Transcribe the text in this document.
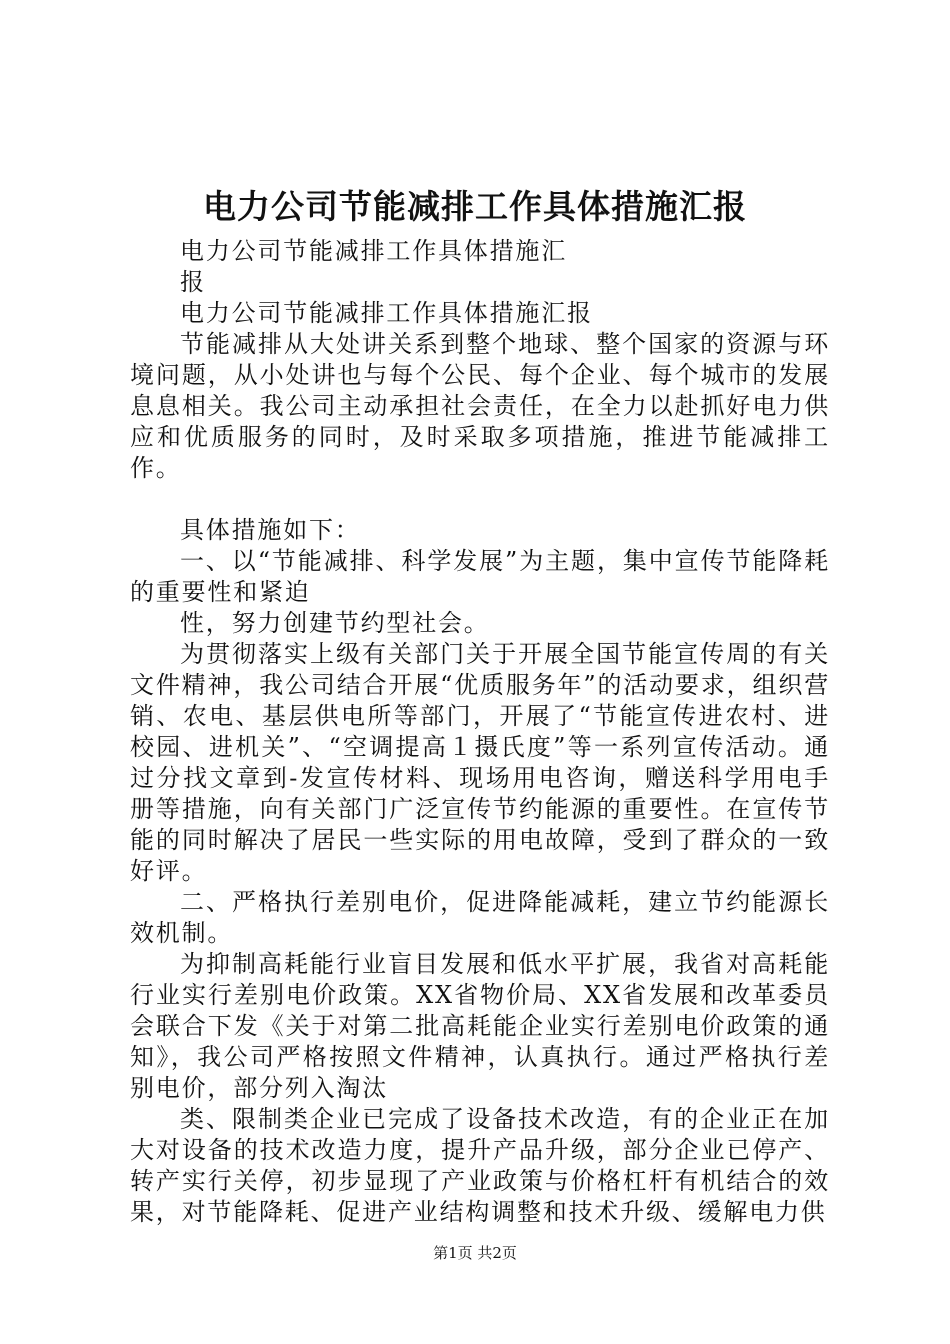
电力公司节能减排工作具体措施汇报

电力公司节能减排工作具体措施汇

报

电力公司节能减排工作具体措施汇报

节能减排从大处讲关系到整个地球、整个国家的资源与环境问题，从小处讲也与每个公民、每个企业、每个城市的发展息息相关。我公司主动承担社会责任，在全力以赴抓好电力供应和优质服务的同时，及时采取多项措施，推进节能减排工作。

具体措施如下：

一、以“节能减排、科学发展”为主题，集中宣传节能降耗的重要性和紧迫

性，努力创建节约型社会。

为贯彻落实上级有关部门关于开展全国节能宣传周的有关文件精神，我公司结合开展“优质服务年”的活动要求，组织营销、农电、基层供电所等部门，开展了“节能宣传进农村、进校园、进机关”、“空调提高１摄氏度”等一系列宣传活动。通过分找文章到-发宣传材料、现场用电咨询，赠送科学用电手册等措施，向有关部门广泛宣传节约能源的重要性。在宣传节能的同时解决了居民一些实际的用电故障，受到了群众的一致好评。

二、严格执行差别电价，促进降能减耗，建立节约能源长效机制。

为抑制高耗能行业盲目发展和低水平扩展，我省对高耗能行业实行差别电价政策。XX省物价局、XX省发展和改革委员会联合下发《关于对第二批高耗能企业实行差别电价政策的通知》，我公司严格按照文件精神，认真执行。通过严格执行差别电价，部分列入淘汰

类、限制类企业已完成了设备技术改造，有的企业正在加大对设备的技术改造力度，提升产品升级，部分企业已停产、转产实行关停，初步显现了产业政策与价格杠杆有机结合的效果，对节能降耗、促进产业结构调整和技术升级、缓解电力供

第1页 共2页
